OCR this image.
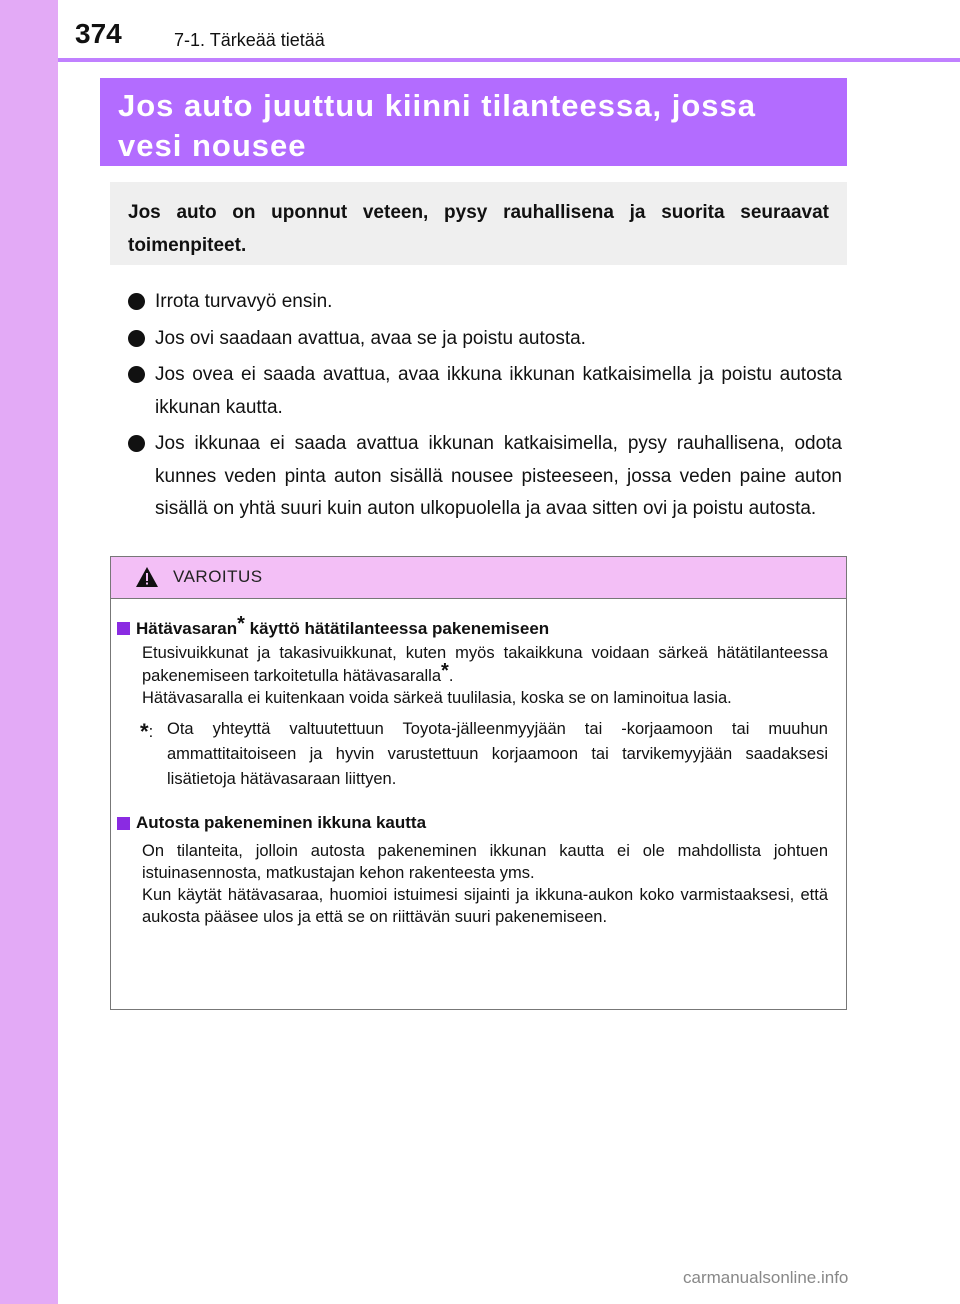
374	7-1. Tärkeää tietää
Jos auto juuttuu kiinni tilanteessa, jossa vesi nousee
Jos auto on uponnut veteen, pysy rauhallisena ja suorita seuraavat toimenpiteet.
Irrota turvavyö ensin.
Jos ovi saadaan avattua, avaa se ja poistu autosta.
Jos ovea ei saada avattua, avaa ikkuna ikkunan katkaisimella ja poistu autosta ikkunan kautta.
Jos ikkunaa ei saada avattua ikkunan katkaisimella, pysy rauhallisena, odota kunnes veden pinta auton sisällä nousee pisteeseen, jossa veden paine auton sisällä on yhtä suuri kuin auton ulkopuolella ja avaa sitten ovi ja poistu autosta.
VAROITUS
Hätävasaran* käyttö hätätilanteessa pakenemiseen
Etusivuikkunat ja takasivuikkunat, kuten myös takaikkuna voidaan särkeä hätätilanteessa pakenemiseen tarkoitetulla hätävasaralla*.
Hätävasaralla ei kuitenkaan voida särkeä tuulilasia, koska se on laminoitua lasia.
*: Ota yhteyttä valtuutettuun Toyota-jälleenmyyjään tai -korjaamoon tai muuhun ammattitaitoiseen ja hyvin varustettuun korjaamoon tai tarvikemyyjään saadaksesi lisätietoja hätävasaraan liittyen.
Autosta pakeneminen ikkuna kautta
On tilanteita, jolloin autosta pakeneminen ikkunan kautta ei ole mahdollista johtuen istuinasennosta, matkustajan kehon rakenteesta yms.
Kun käytät hätävasaraa, huomioi istuimesi sijainti ja ikkuna-aukon koko varmistaaksesi, että aukosta pääsee ulos ja että se on riittävän suuri pakenemiseen.
carmanualsonline.info
